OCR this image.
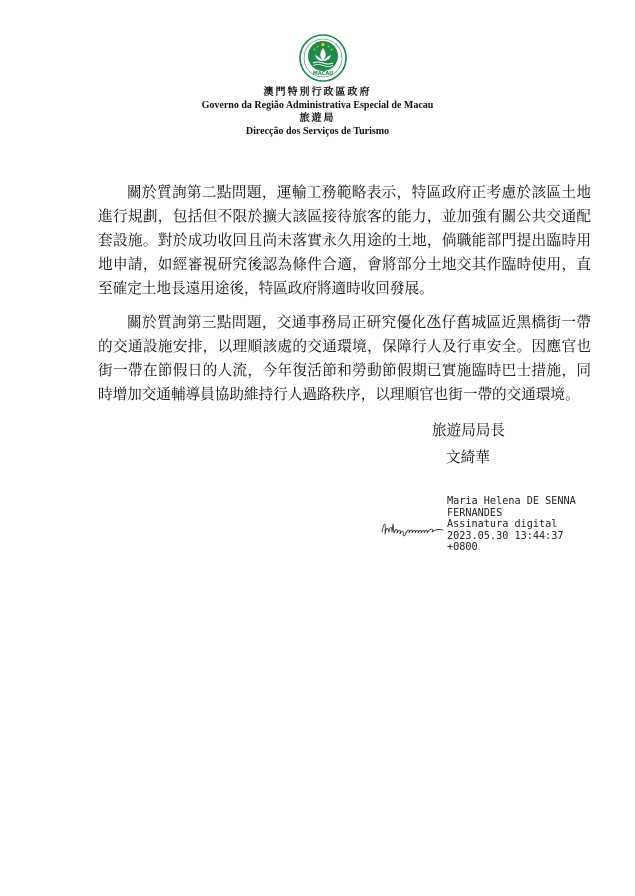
MACAU
澳門特別行政區政府
Governo da Região Administrativa Especial de Macau
旅遊局
Direcção dos Serviços de Turismo

關於質詢第二點問題，運輸工務範略表示，特區政府正考慮於該區土地進行規劃，包括但不限於擴大該區接待旅客的能力，並加強有關公共交通配套設施。對於成功收回且尚未落實永久用途的土地，倘職能部門提出臨時用地申請，如經審視研究後認為條件合適，會將部分土地交其作臨時使用，直至確定土地長遠用途後，特區政府將適時收回發展。

關於質詢第三點問題，交通事務局正研究優化氹仔舊城區近黑橋街一帶的交通設施安排，以理順該處的交通環境，保障行人及行車安全。因應官也街一帶在節假日的人流，今年復活節和勞動節假期已實施臨時巴士措施，同時增加交通輔導員協助維持行人過路秩序，以理順官也街一帶的交通環境。

旅遊局局長
文綺華
Maria Helena DE SENNA
FERNANDES
Assinatura digital
2023.05.30 13:44:37
+0800
